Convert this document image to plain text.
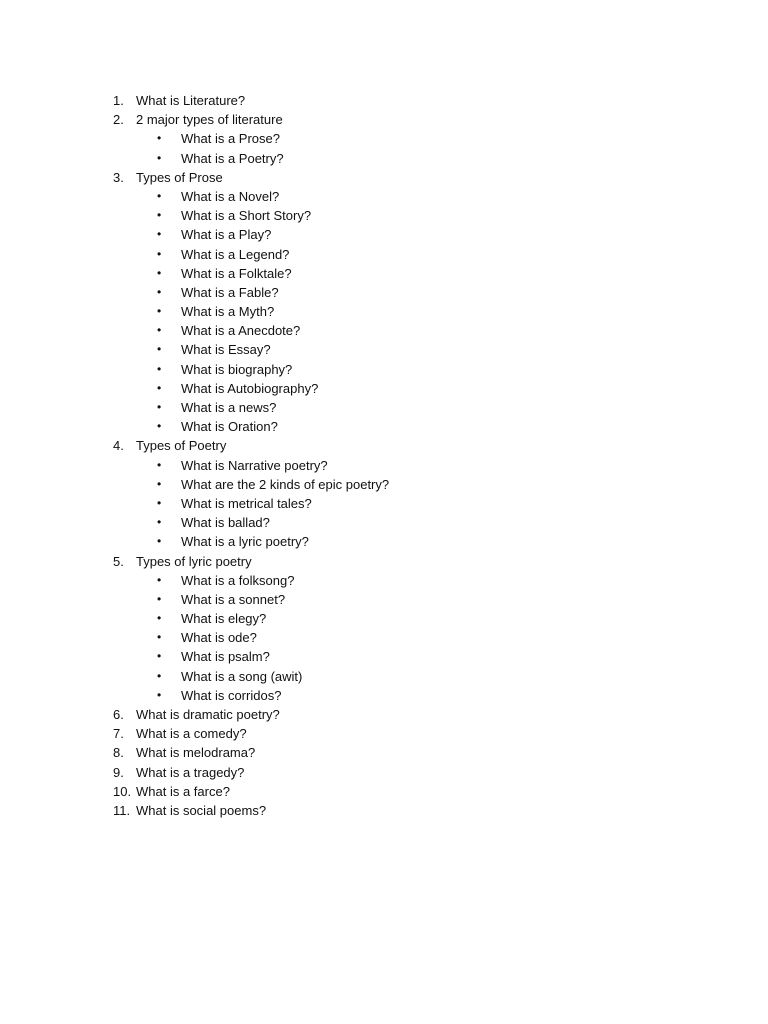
1. What is Literature?
2. 2 major types of literature
• What is a Prose?
• What is a Poetry?
3. Types of Prose
• What is a Novel?
• What is a Short Story?
• What is a Play?
• What is a Legend?
• What is a Folktale?
• What is a Fable?
• What is a Myth?
• What is a Anecdote?
• What is Essay?
• What is biography?
• What is Autobiography?
• What is a news?
• What is Oration?
4. Types of Poetry
• What is Narrative poetry?
• What are the 2 kinds of epic poetry?
• What is metrical tales?
• What is ballad?
• What is a lyric poetry?
5. Types of lyric poetry
• What is a folksong?
• What is a sonnet?
• What is elegy?
• What is ode?
• What is psalm?
• What is a song (awit)
• What is corridos?
6. What is dramatic poetry?
7. What is a comedy?
8. What is melodrama?
9. What is a tragedy?
10. What is a farce?
11. What is social poems?
